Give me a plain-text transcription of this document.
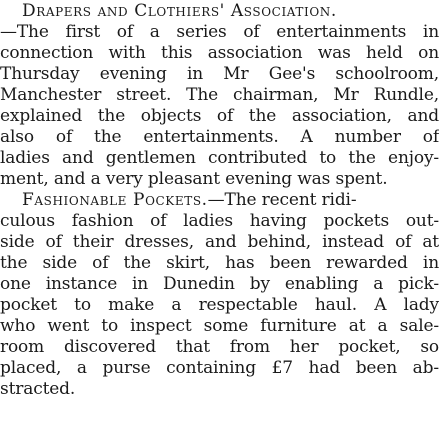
Drapers and Clothiers' Association.
—The first of a series of entertainments in
connection with this association was held on
Thursday evening in Mr Gee's schoolroom,
Manchester street. The chairman, Mr Rundle,
explained the objects of the association, and
also of the entertainments. A number of
ladies and gentlemen contributed to the enjoy-
ment, and a very pleasant evening was spent.
Fashionable Pockets.—The recent ridi-
culous fashion of ladies having pockets out-
side of their dresses, and behind, instead of at
the side of the skirt, has been rewarded in
one instance in Dunedin by enabling a pick-
pocket to make a respectable haul. A lady
who went to inspect some furniture at a sale-
room discovered that from her pocket, so
placed, a purse containing £7 had been ab-
stracted.
